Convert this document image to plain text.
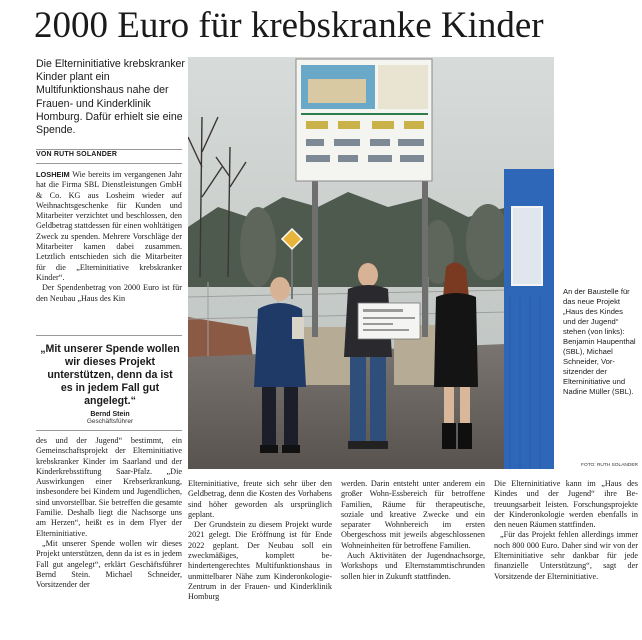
2000 Euro für krebskranke Kinder
Die Elterninitiative krebskranker Kinder plant ein Multifunktionshaus nahe der Frauen- und Kinderklinik Homburg. Dafür erhielt sie eine Spende.
VON RUTH SOLANDER

LOSHEIM Wie bereits im vergangenen Jahr hat die Firma SBL Dienstleistungen GmbH & Co. KG aus Losheim wieder auf Weihnachtsgeschenke für Kunden und Mitarbeiter verzichtet und beschlossen, den Geldbetrag stattdessen für einen wohltätigen Zweck zu spenden. Mehrere Vorschläge der Mitarbeiter kamen dabei zusammen. Letztlich entschieden sich die Mitarbeiter für die „Elterninitiative krebskranker Kinder“.

Der Spendenbetrag von 2000 Euro ist für den Neubau „Haus des Kin

„Mit unserer Spende wollen wir dieses Projekt unterstützen, denn da ist es in jedem Fall gut angelegt.“
Bernd Stein
Geschäftsführer

des und der Jugend“ bestimmt, ein Gemeinschaftsprojekt der Elterninitiative krebskranker Kinder im Saarland und der Kinderkrebsstiftung Saar-Pfalz. „Die Auswirkungen einer Krebserkrankung, insbesondere bei Kindern und Jugendlichen, sind unvorstellbar. Sie betreffen die gesamte Familie. Deshalb liegt die Nachsorge uns am Herzen“, heißt es in dem Flyer der Elterninitiative.

„Mit unserer Spende wollen wir dieses Projekt unterstützen, denn da ist es in jedem Fall gut angelegt“, erklärt Geschäftsführer Bernd Stein. Michael Schneider, Vorsitzender der

An der Baustelle für das neue Projekt „Haus des Kindes und der Jugend“ stehen (von links): Benjamin Haupenthal (SBL), Michael Schneider, Vorsitzender der Elterninitiative und Nadine Müller (SBL).
FOTO: RUTH SOLANDER

Elterninitiative, freute sich sehr über den Geldbetrag, denn die Kosten des Vorhabens sind höher geworden als ursprünglich geplant.

Der Grundstein zu diesem Projekt wurde 2021 gelegt. Die Eröffnung ist für Ende 2022 geplant. Der Neubau soll ein zweckmäßiges, komplett behindertengerechtes Multifunktionshaus in unmittelbarer Nähe zum Kinderonkologie-Zentrum in der Frauen- und Kinderklinik Homburg

werden. Darin entsteht unter anderem ein großer Wohn-Essbereich für betroffene Familien, Räume für therapeutische, soziale und kreative Zwecke und ein separater Wohnbereich im ersten Obergeschoss mit jeweils abgeschlossenen Wohneinheiten für betroffene Familien.

Auch Aktivitäten der Jugendnachsorge, Workshops und Elternstammtischrunden sollen hier in Zukunft stattfinden.

Die Elterninitiative kann im „Haus des Kindes und der Jugend“ ihre Betreuungsarbeit leisten. Forschungsprojekte der Kinderonkologie werden ebenfalls in den neuen Räumen stattfinden.

„Für das Projekt fehlen allerdings immer noch 800 000 Euro. Daher sind wir von der Elterninitiative sehr dankbar für jede finanzielle Unterstützung“, sagt der Vorsitzende der Elterninitiative.
